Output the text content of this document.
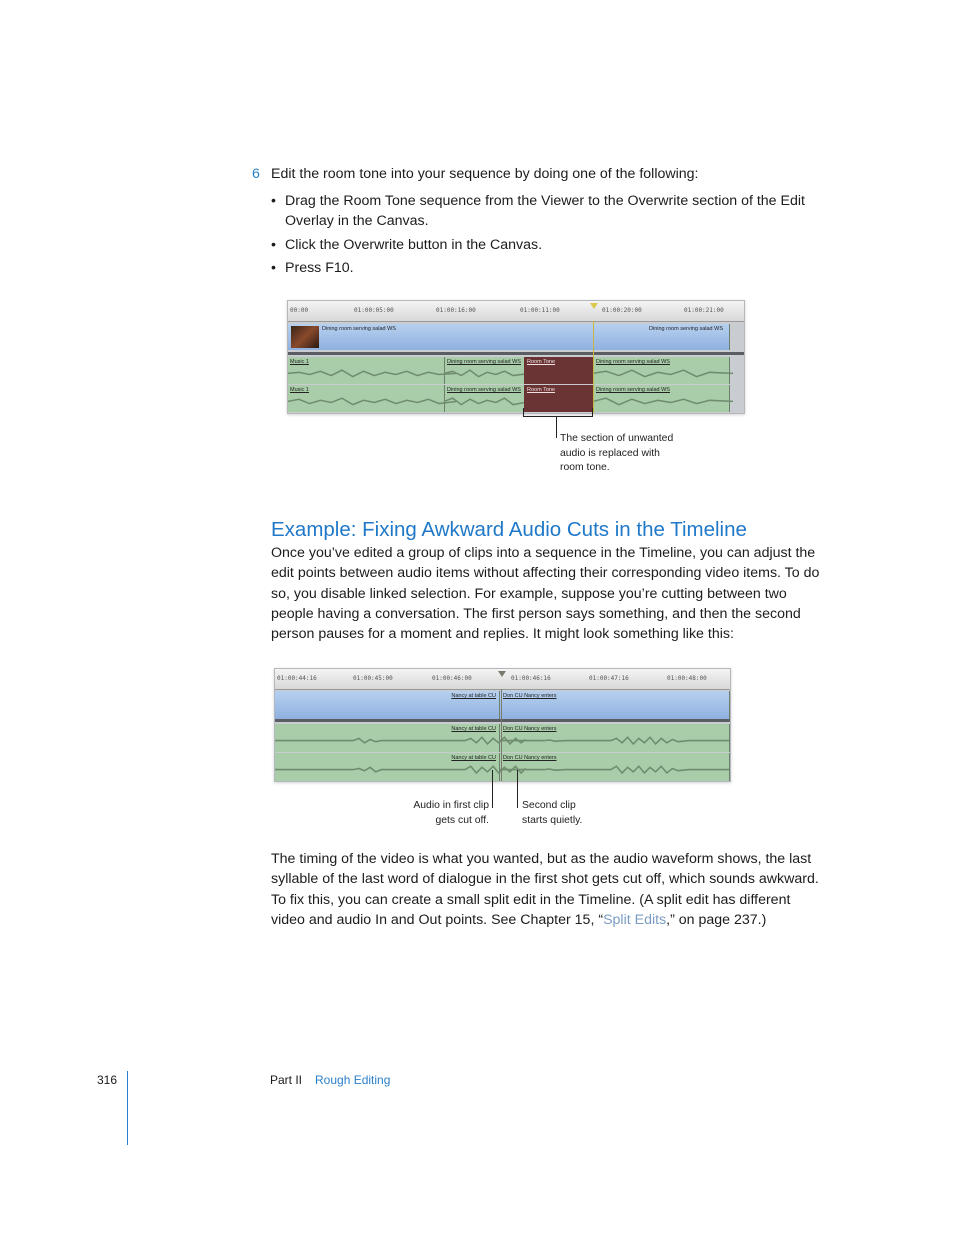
6 Edit the room tone into your sequence by doing one of the following:
• Drag the Room Tone sequence from the Viewer to the Overwrite section of the Edit Overlay in the Canvas.
• Click the Overwrite button in the Canvas.
• Press F10.
00:00	01:00:05:00	01:00:16:00	01:00:11:00	01:00:20:00	01:00:21:00
Dining room serving salad WS	Dining room serving salad WS
Music 1	Dining room serving salad WS Room Tone	Dining room serving salad WS
Music 1	Dining room serving salad WS Room Tone	Dining room serving salad WS
The section of unwanted
audio is replaced with
room tone.
Example: Fixing Awkward Audio Cuts in the Timeline
Once you’ve edited a group of clips into a sequence in the Timeline, you can adjust the edit points between audio items without affecting their corresponding video items. To do so, you disable linked selection. For example, suppose you’re cutting between two people having a conversation. The first person says something, and then the second person pauses for a moment and replies. It might look something like this:
01:00:44:16	01:00:45:00	01:00:46:00	01:00:46:16	01:00:47:16	01:00:48:00
Nancy at table CU Don CU Nancy enters
Nancy at table CU Don CU Nancy enters
Nancy at table CU Don CU Nancy enters
Audio in first clip
gets cut off.
Second clip
starts quietly.
The timing of the video is what you wanted, but as the audio waveform shows, the last syllable of the last word of dialogue in the first shot gets cut off, which sounds awkward. To fix this, you can create a small split edit in the Timeline. (A split edit has different video and audio In and Out points. See Chapter 15, “Split Edits,” on page 237.)
316	Part II Rough Editing
